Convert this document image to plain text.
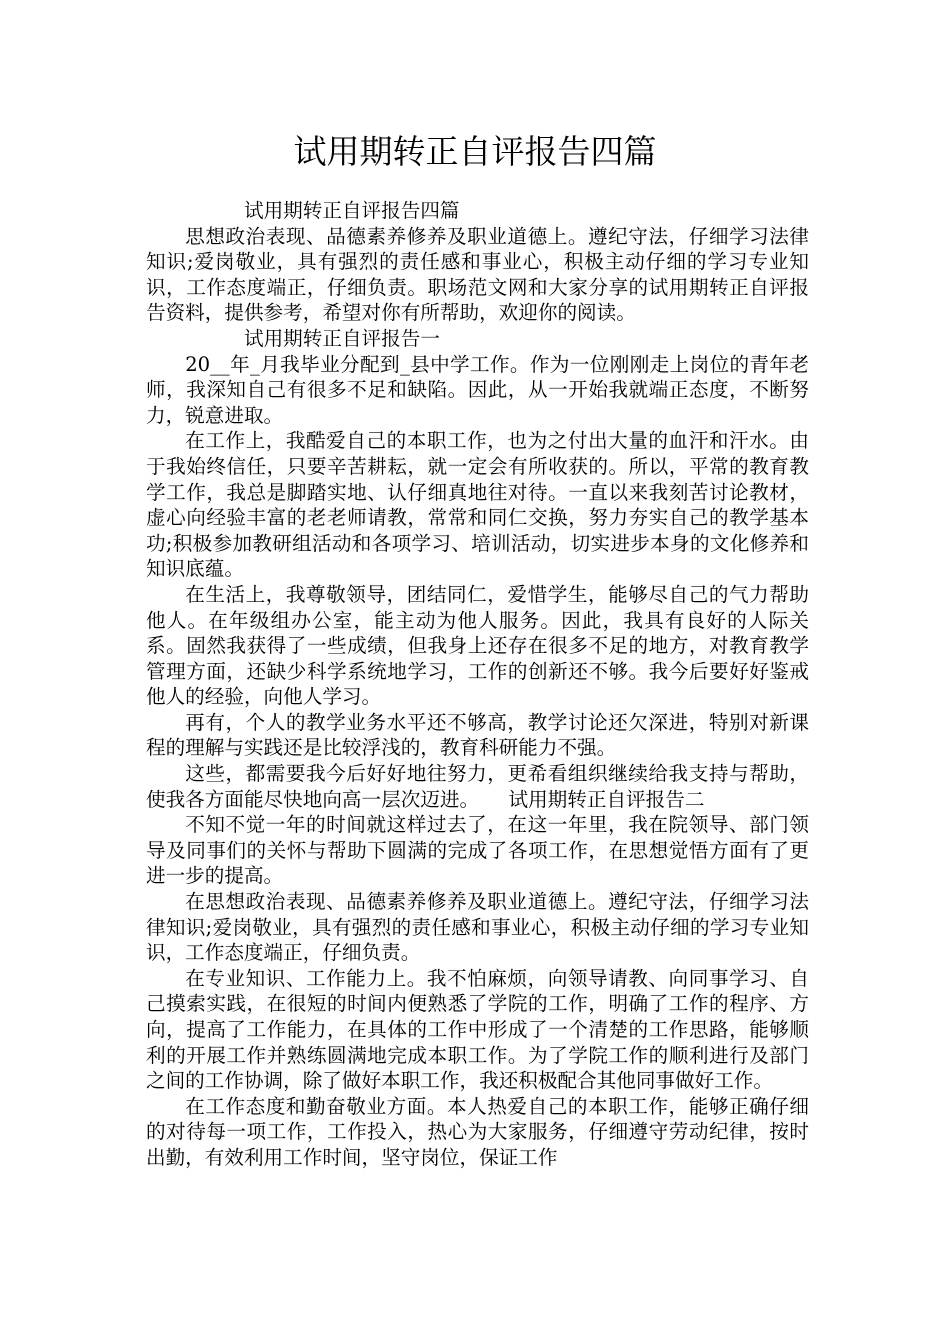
试用期转正自评报告四篇

试用期转正自评报告四篇

思想政治表现、品德素养修养及职业道德上。遵纪守法，仔细学习法律知识;爱岗敬业，具有强烈的责任感和事业心，积极主动仔细的学习专业知识，工作态度端正，仔细负责。职场范文网和大家分享的试用期转正自评报告资料，提供参考，希望对你有所帮助，欢迎你的阅读。

试用期转正自评报告一

20__年_月我毕业分配到_县中学工作。作为一位刚刚走上岗位的青年老师，我深知自己有很多不足和缺陷。因此，从一开始我就端正态度，不断努力，锐意进取。

在工作上，我酷爱自己的本职工作，也为之付出大量的血汗和汗水。由于我始终信任，只要辛苦耕耘，就一定会有所收获的。所以，平常的教育教学工作，我总是脚踏实地、认仔细真地往对待。一直以来我刻苦讨论教材，虚心向经验丰富的老老师请教，常常和同仁交换，努力夯实自己的教学基本功;积极参加教研组活动和各项学习、培训活动，切实进步本身的文化修养和知识底蕴。

在生活上，我尊敬领导，团结同仁，爱惜学生，能够尽自己的气力帮助他人。在年级组办公室，能主动为他人服务。因此，我具有良好的人际关系。固然我获得了一些成绩，但我身上还存在很多不足的地方，对教育教学管理方面，还缺少科学系统地学习，工作的创新还不够。我今后要好好鉴戒他人的经验，向他人学习。

再有，个人的教学业务水平还不够高，教学讨论还欠深进，特别对新课程的理解与实践还是比较浮浅的，教育科研能力不强。

这些，都需要我今后好好地往努力，更希看组织继续给我支持与帮助，使我各方面能尽快地向高一层次迈进。　　试用期转正自评报告二

不知不觉一年的时间就这样过去了，在这一年里，我在院领导、部门领导及同事们的关怀与帮助下圆满的完成了各项工作，在思想觉悟方面有了更进一步的提高。

在思想政治表现、品德素养修养及职业道德上。遵纪守法，仔细学习法律知识;爱岗敬业，具有强烈的责任感和事业心，积极主动仔细的学习专业知识，工作态度端正，仔细负责。

在专业知识、工作能力上。我不怕麻烦，向领导请教、向同事学习、自己摸索实践，在很短的时间内便熟悉了学院的工作，明确了工作的程序、方向，提高了工作能力，在具体的工作中形成了一个清楚的工作思路，能够顺利的开展工作并熟练圆满地完成本职工作。为了学院工作的顺利进行及部门之间的工作协调，除了做好本职工作，我还积极配合其他同事做好工作。

在工作态度和勤奋敬业方面。本人热爱自己的本职工作，能够正确仔细的对待每一项工作，工作投入，热心为大家服务，仔细遵守劳动纪律，按时出勤，有效利用工作时间，坚守岗位，保证工作
